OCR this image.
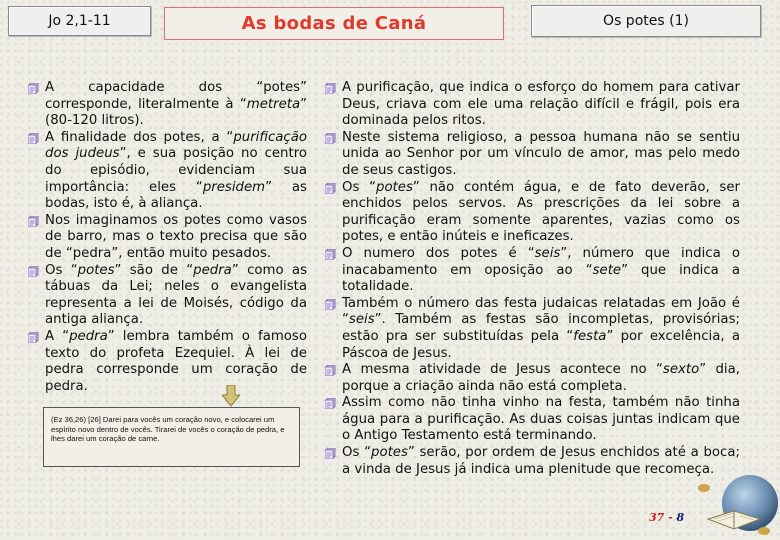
Jo 2,1-11	As bodas de Caná	Os potes (1)

A capacidade dos “potes” corresponde, literalmente à “metreta” (80-120 litros).

A finalidade dos potes, a “purificação dos judeus”, e sua posição no centro do episódio, evidenciam sua importância: eles “presidem” as bodas, isto é, à aliança.

Nos imaginamos os potes como vasos de barro, mas o texto precisa que são de “pedra”, então muito pesados.

Os “potes” são de “pedra” como as tábuas da Lei; neles o evangelista representa a lei de Moisés, código da antiga aliança.

A “pedra” lembra também o famoso texto do profeta Ezequiel. À lei de pedra corresponde um coração de pedra.

A purificação, que indica o esforço do homem para cativar Deus, criava com ele uma relação difícil e frágil, pois era dominada pelos ritos.

Neste sistema religioso, a pessoa humana não se sentiu unida ao Senhor por um vínculo de amor, mas pelo medo de seus castigos.

Os “potes” não contém água, e de fato deverão, ser enchidos pelos servos. As prescrições da lei sobre a purificação eram somente aparentes, vazias como os potes, e então inúteis e ineficazes.

O numero dos potes é “seis”, número que indica o inacabamento em oposição ao “sete” que indica a totalidade.

Também o número das festa judaicas relatadas em João é “seis”. Também as festas são incompletas, provisórias; estão pra ser substituídas pela “festa” por excelência, a Páscoa de Jesus.

A mesma atividade de Jesus acontece no “sexto” dia, porque a criação ainda não está completa.

Assim como não tinha vinho na festa, também não tinha água para a purificação. As duas coisas juntas indicam que o Antigo Testamento está terminando.

Os “potes” serão, por ordem de Jesus enchidos até a boca; a vinda de Jesus já indica uma plenitude que recomeça.

(Ez 36,26) [26] Darei para vocês um coração novo, e colocarei um espírito novo dentro de vocês. Tirarei de vocês o coração de pedra, e lhes darei um coração de carne.
37 - 8
